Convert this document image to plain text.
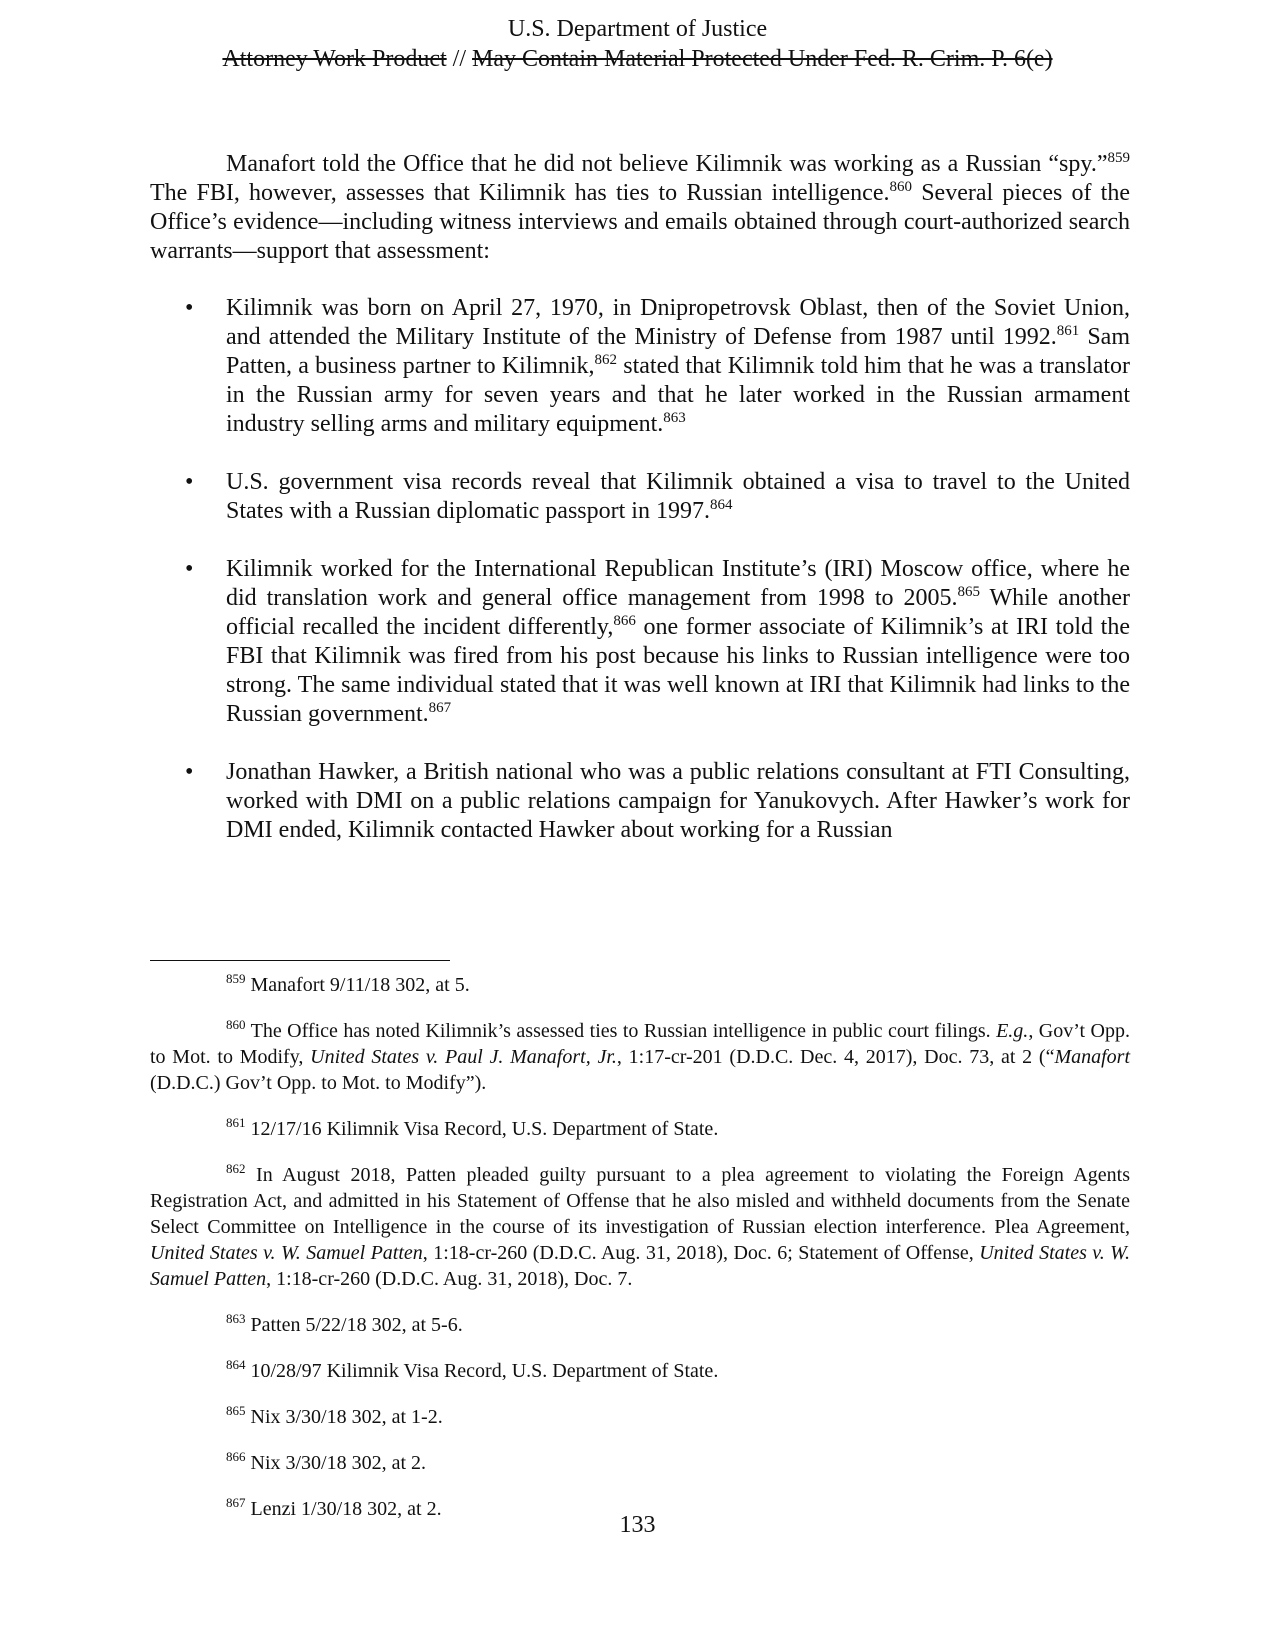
U.S. Department of Justice
Attorney Work Product // May Contain Material Protected Under Fed. R. Crim. P. 6(e)

Manafort told the Office that he did not believe Kilimnik was working as a Russian “spy.”$^{859}$ The FBI, however, assesses that Kilimnik has ties to Russian intelligence.$^{860}$ Several pieces of the Office’s evidence—including witness interviews and emails obtained through court-authorized search warrants—support that assessment:

• Kilimnik was born on April 27, 1970, in Dnipropetrovsk Oblast, then of the Soviet Union, and attended the Military Institute of the Ministry of Defense from 1987 until 1992.$^{861}$ Sam Patten, a business partner to Kilimnik,$^{862}$ stated that Kilimnik told him that he was a translator in the Russian army for seven years and that he later worked in the Russian armament industry selling arms and military equipment.$^{863}$
• U.S. government visa records reveal that Kilimnik obtained a visa to travel to the United States with a Russian diplomatic passport in 1997.$^{864}$
• Kilimnik worked for the International Republican Institute’s (IRI) Moscow office, where he did translation work and general office management from 1998 to 2005.$^{865}$ While another official recalled the incident differently,$^{866}$ one former associate of Kilimnik’s at IRI told the FBI that Kilimnik was fired from his post because his links to Russian intelligence were too strong. The same individual stated that it was well known at IRI that Kilimnik had links to the Russian government.$^{867}$
• Jonathan Hawker, a British national who was a public relations consultant at FTI Consulting, worked with DMI on a public relations campaign for Yanukovych. After Hawker’s work for DMI ended, Kilimnik contacted Hawker about working for a Russian

$^{859}$ Manafort 9/11/18 302, at 5.

$^{860}$ The Office has noted Kilimnik’s assessed ties to Russian intelligence in public court filings. E.g., Gov’t Opp. to Mot. to Modify, United States v. Paul J. Manafort, Jr., 1:17-cr-201 (D.D.C. Dec. 4, 2017), Doc. 73, at 2 (“Manafort (D.D.C.) Gov’t Opp. to Mot. to Modify”).

$^{861}$ 12/17/16 Kilimnik Visa Record, U.S. Department of State.

$^{862}$ In August 2018, Patten pleaded guilty pursuant to a plea agreement to violating the Foreign Agents Registration Act, and admitted in his Statement of Offense that he also misled and withheld documents from the Senate Select Committee on Intelligence in the course of its investigation of Russian election interference. Plea Agreement, United States v. W. Samuel Patten, 1:18-cr-260 (D.D.C. Aug. 31, 2018), Doc. 6; Statement of Offense, United States v. W. Samuel Patten, 1:18-cr-260 (D.D.C. Aug. 31, 2018), Doc. 7.

$^{863}$ Patten 5/22/18 302, at 5-6.

$^{864}$ 10/28/97 Kilimnik Visa Record, U.S. Department of State.

$^{865}$ Nix 3/30/18 302, at 1-2.

$^{866}$ Nix 3/30/18 302, at 2.

$^{867}$ Lenzi 1/30/18 302, at 2.

133
